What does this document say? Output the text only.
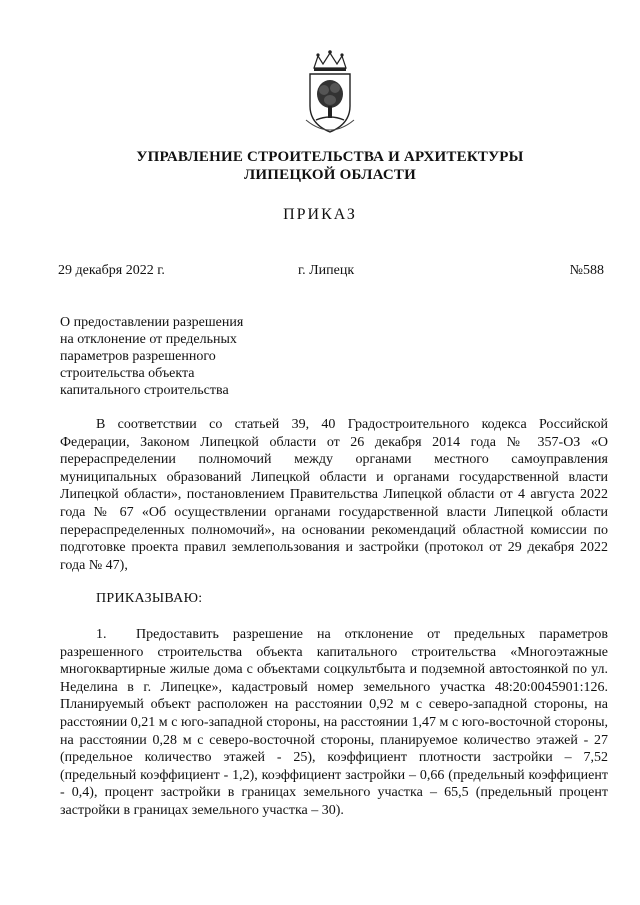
УПРАВЛЕНИЕ СТРОИТЕЛЬСТВА И АРХИТЕКТУРЫ
ЛИПЕЦКОЙ ОБЛАСТИ
ПРИКАЗ
29 декабря 2022 г.	г. Липецк	№588
О предоставлении разрешения
на отклонение от предельных
параметров разрешенного
строительства объекта
капитального строительства
В соответствии со статьей 39, 40 Градостроительного кодекса Российской Федерации, Законом Липецкой области от 26 декабря 2014 года № 357-ОЗ «О перераспределении полномочий между органами местного самоуправления муниципальных образований Липецкой области и органами государственной власти Липецкой области», постановлением Правительства Липецкой области от 4 августа 2022 года № 67 «Об осуществлении органами государственной власти Липецкой области перераспределенных полномочий», на основании рекомендаций областной комиссии по подготовке проекта правил землепользования и застройки (протокол от 29 декабря 2022 года № 47),
ПРИКАЗЫВАЮ:
1. Предоставить разрешение на отклонение от предельных параметров разрешенного строительства объекта капитального строительства «Многоэтажные многоквартирные жилые дома с объектами соцкультбыта и подземной автостоянкой по ул. Неделина в г. Липецке», кадастровый номер земельного участка 48:20:0045901:126. Планируемый объект расположен на расстоянии 0,92 м с северо-западной стороны, на расстоянии 0,21 м с юго-западной стороны, на расстоянии 1,47 м с юго-восточной стороны, на расстоянии 0,28 м с северо-восточной стороны, планируемое количество этажей - 27 (предельное количество этажей - 25), коэффициент плотности застройки – 7,52 (предельный коэффициент - 1,2), коэффициент застройки – 0,66 (предельный коэффициент - 0,4), процент застройки в границах земельного участка – 65,5 (предельный процент застройки в границах земельного участка – 30).
